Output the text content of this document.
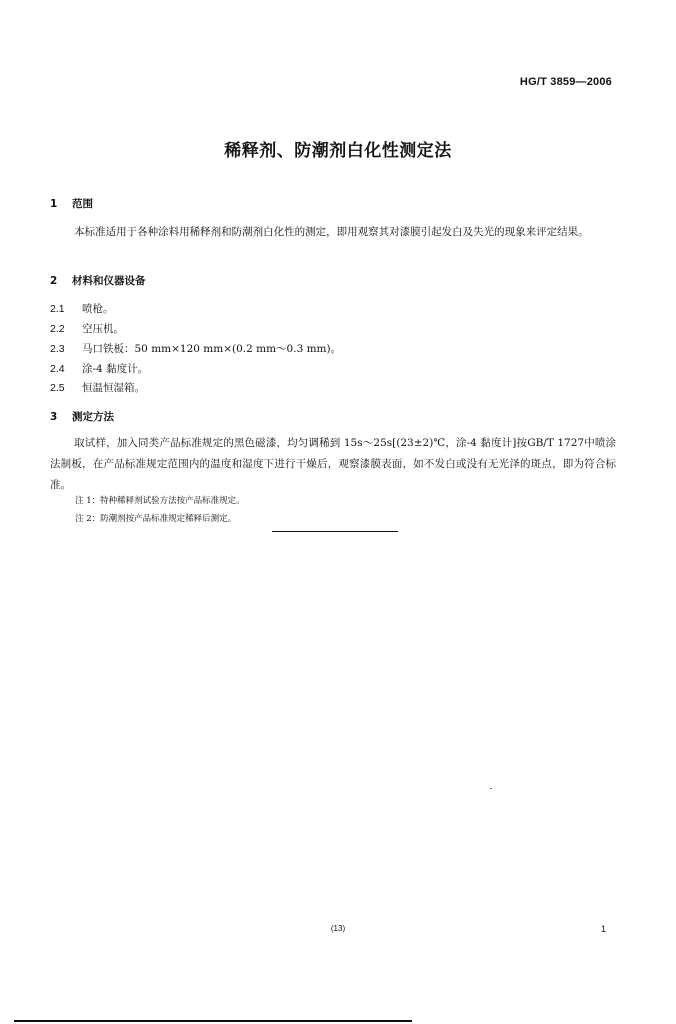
HG/T 3859—2006
稀释剂、防潮剂白化性测定法
1 范围
本标准适用于各种涂料用稀释剂和防潮剂白化性的测定，即用观察其对漆膜引起发白及失光的现象来评定结果。
2 材料和仪器设备
2.1 喷枪。
2.2 空压机。
2.3 马口铁板：50 mm×120 mm×(0.2 mm～0.3 mm)。
2.4 涂-4 黏度计。
2.5 恒温恒湿箱。
3 测定方法
取试样，加入同类产品标准规定的黑色磁漆，均匀调稀到 15s～25s[(23±2)℃，涂-4 黏度计]按GB/T 1727中喷涂法制板，在产品标准规定范围内的温度和湿度下进行干燥后，观察漆膜表面，如不发白或没有无光泽的斑点，即为符合标准。
注 1：特种稀释剂试验方法按产品标准规定。
注 2：防潮剂按产品标准规定稀释后测定。
(13)	1
